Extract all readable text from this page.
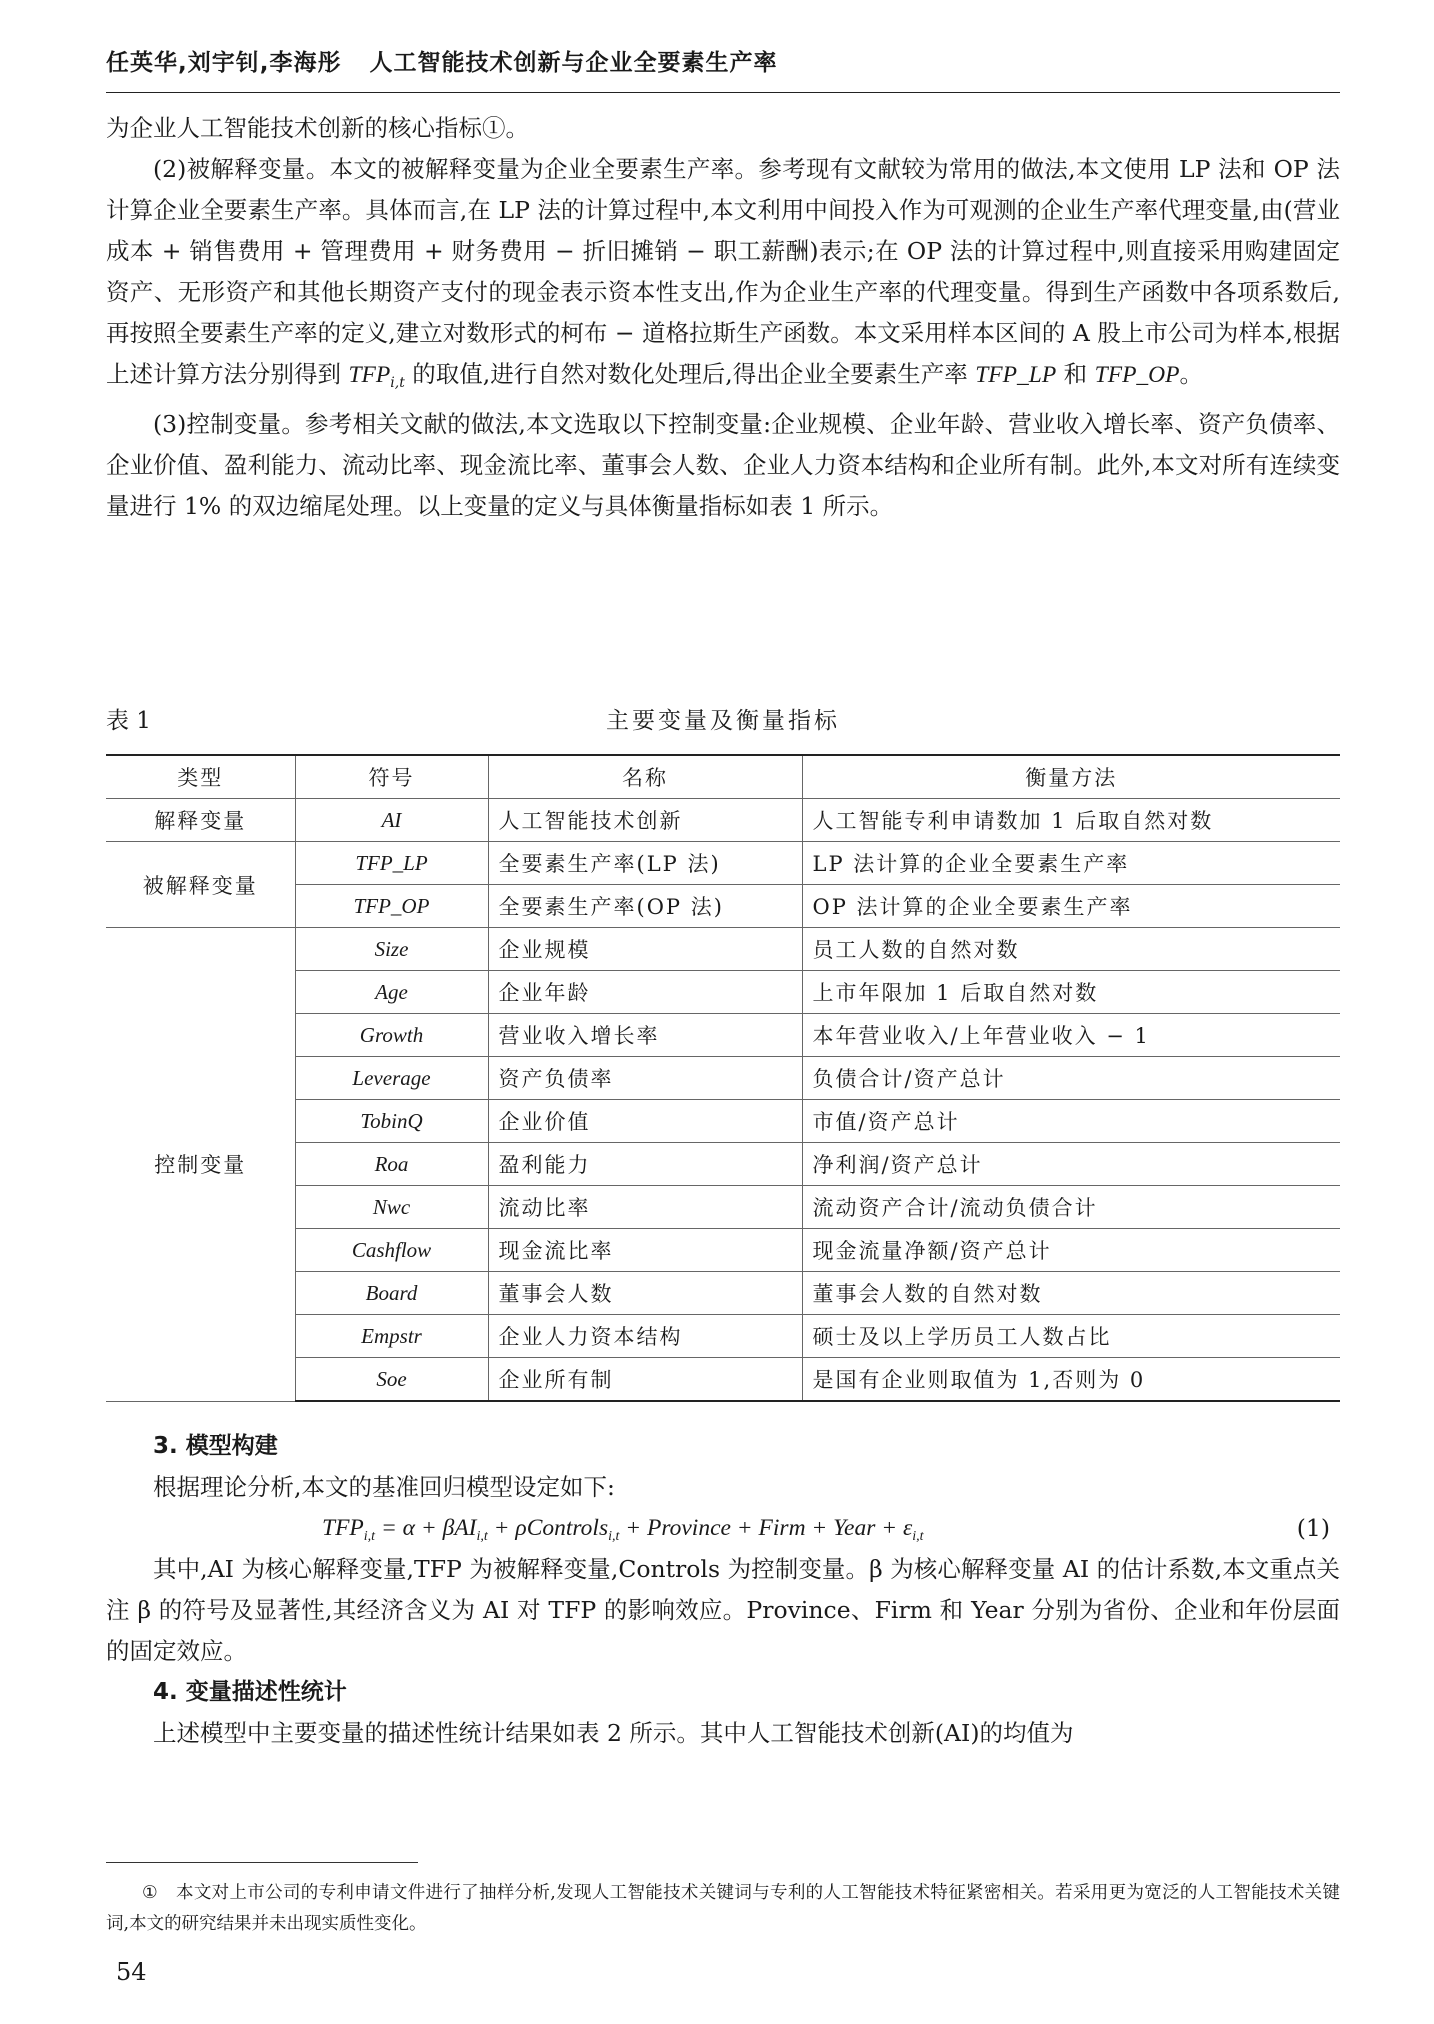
任英华,刘宇钊,李海彤 人工智能技术创新与企业全要素生产率

为企业人工智能技术创新的核心指标①。

(2)被解释变量。本文的被解释变量为企业全要素生产率。参考现有文献较为常用的做法,本文使用 LP 法和 OP 法计算企业全要素生产率。具体而言,在 LP 法的计算过程中,本文利用中间投入作为可观测的企业生产率代理变量,由(营业成本 + 销售费用 + 管理费用 + 财务费用 − 折旧摊销 − 职工薪酬)表示;在 OP 法的计算过程中,则直接采用购建固定资产、无形资产和其他长期资产支付的现金表示资本性支出,作为企业生产率的代理变量。得到生产函数中各项系数后,再按照全要素生产率的定义,建立对数形式的柯布 − 道格拉斯生产函数。本文采用样本区间的 A 股上市公司为样本,根据上述计算方法分别得到 $TFP_{i,t}$ 的取值,进行自然对数化处理后,得出企业全要素生产率 TFP_LP 和 TFP_OP。

(3)控制变量。参考相关文献的做法,本文选取以下控制变量:企业规模、企业年龄、营业收入增长率、资产负债率、企业价值、盈利能力、流动比率、现金流比率、董事会人数、企业人力资本结构和企业所有制。此外,本文对所有连续变量进行 1% 的双边缩尾处理。以上变量的定义与具体衡量指标如表 1 所示。

表 1	主要变量及衡量指标
类型	符号	名称	衡量方法
解释变量	AI	人工智能技术创新	人工智能专利申请数加 1 后取自然对数
被解释变量	TFP_LP	全要素生产率(LP 法)	LP 法计算的企业全要素生产率
	TFP_OP	全要素生产率(OP 法)	OP 法计算的企业全要素生产率
控制变量	Size	企业规模	员工人数的自然对数
	Age	企业年龄	上市年限加 1 后取自然对数
	Growth	营业收入增长率	本年营业收入/上年营业收入 − 1
	Leverage	资产负债率	负债合计/资产总计
	TobinQ	企业价值	市值/资产总计
	Roa	盈利能力	净利润/资产总计
	Nwc	流动比率	流动资产合计/流动负债合计
	Cashflow	现金流比率	现金流量净额/资产总计
	Board	董事会人数	董事会人数的自然对数
	Empstr	企业人力资本结构	硕士及以上学历员工人数占比
	Soe	企业所有制	是国有企业则取值为 1,否则为 0

3. 模型构建

根据理论分析,本文的基准回归模型设定如下:

$TFP_{i,t} = \alpha + \beta AI_{i,t}$ + ρControls$_{i,t}$ + Province + Firm + Year + $\varepsilon_{i,t}$	(1)

其中,AI 为核心解释变量,TFP 为被解释变量,Controls 为控制变量。β 为核心解释变量 AI 的估计系数,本文重点关注 β 的符号及显著性,其经济含义为 AI 对 TFP 的影响效应。Province、Firm 和 Year 分别为省份、企业和年份层面的固定效应。

4. 变量描述性统计

上述模型中主要变量的描述性统计结果如表 2 所示。其中人工智能技术创新(AI)的均值为

① 本文对上市公司的专利申请文件进行了抽样分析,发现人工智能技术关键词与专利的人工智能技术特征紧密相关。若采用更为宽泛的人工智能技术关键词,本文的研究结果并未出现实质性变化。
54
